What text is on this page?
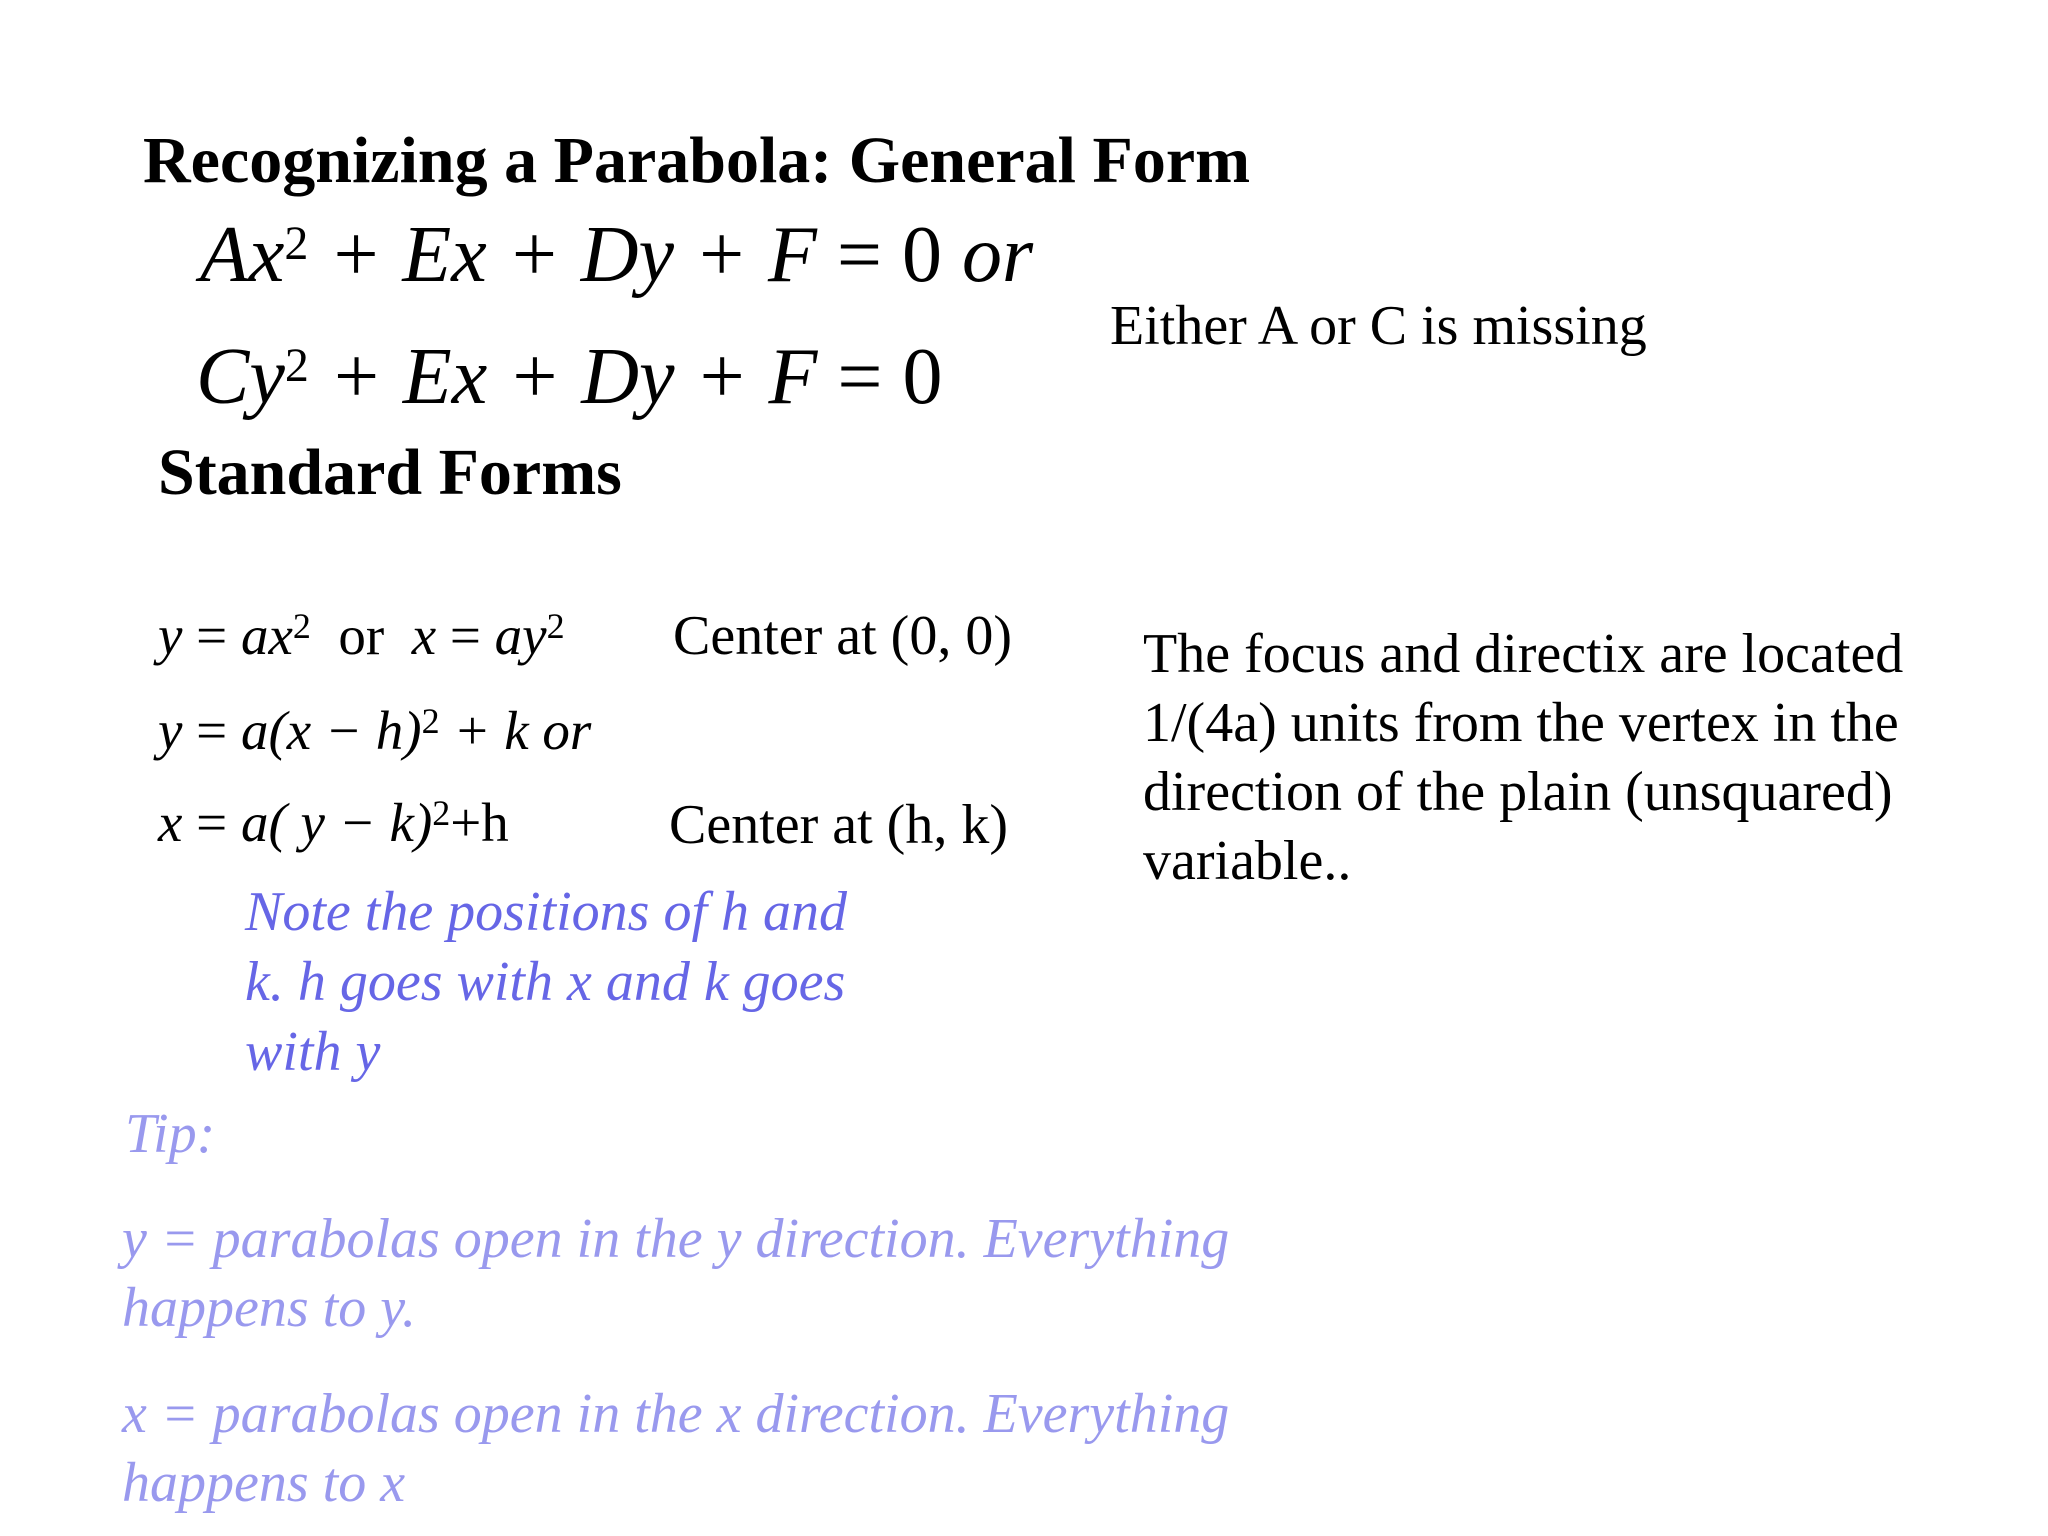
Recognizing a Parabola: General Form
$Ax^2 + Ex + Dy + F = 0$ or
$Cy^2 + Ex + Dy + F = 0$
Either A or C is missing
Standard Forms
$y = ax^2$  or  $x = ay^2$ Center at (0, 0)
$y = a(x - h)^2 + k$ or
x = a( y − k)$^2$+h	Center at (h, k)
The focus and directix are located
1/(4a) units from the vertex in the
direction of the plain (unsquared)
variable..
Note the positions of h and
k. h goes with x and k goes
with y
Tip:
y = parabolas open in the y direction. Everything
happens to y.
x = parabolas open in the x direction. Everything
happens to x
